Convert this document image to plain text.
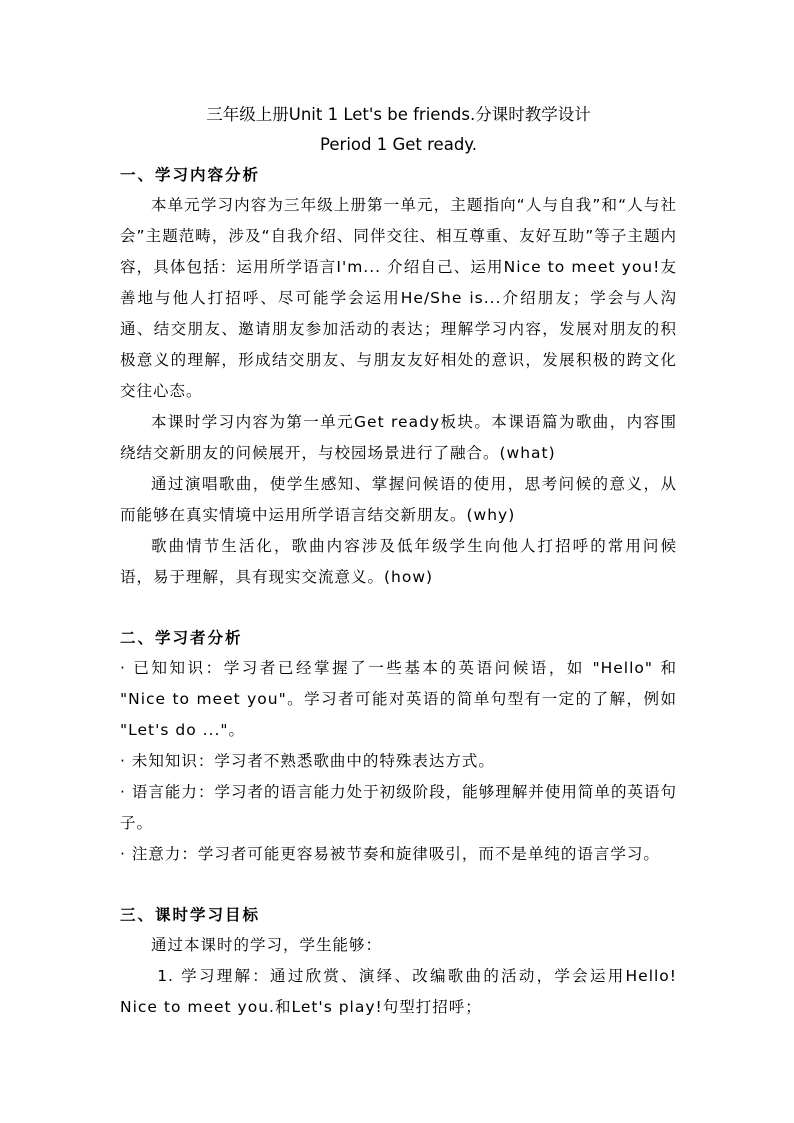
三年级上册Unit 1 Let's be friends.分课时教学设计

Period 1 Get ready.

一、学习内容分析

本单元学习内容为三年级上册第一单元，主题指向“人与自我”和“人与社会”主题范畴，涉及“自我介绍、同伴交往、相互尊重、友好互助”等子主题内容，具体包括：运用所学语言I'm... 介绍自己、运用Nice to meet you!友善地与他人打招呼、尽可能学会运用He/She is...介绍朋友；学会与人沟通、结交朋友、邀请朋友参加活动的表达；理解学习内容，发展对朋友的积极意义的理解，形成结交朋友、与朋友友好相处的意识，发展积极的跨文化交往心态。

本课时学习内容为第一单元Get ready板块。本课语篇为歌曲，内容围绕结交新朋友的问候展开，与校园场景进行了融合。(what)

通过演唱歌曲，使学生感知、掌握问候语的使用，思考问候的意义，从而能够在真实情境中运用所学语言结交新朋友。(why)

歌曲情节生活化，歌曲内容涉及低年级学生向他人打招呼的常用问候语，易于理解，具有现实交流意义。(how)

二、学习者分析

· 已知知识：学习者已经掌握了一些基本的英语问候语，如 "Hello" 和 "Nice to meet you"。学习者可能对英语的简单句型有一定的了解，例如 "Let's do ..."。

· 未知知识：学习者不熟悉歌曲中的特殊表达方式。

· 语言能力：学习者的语言能力处于初级阶段，能够理解并使用简单的英语句子。

· 注意力：学习者可能更容易被节奏和旋律吸引，而不是单纯的语言学习。

三、课时学习目标

通过本课时的学习，学生能够：

1. 学习理解：通过欣赏、演绎、改编歌曲的活动，学会运用Hello! Nice to meet you.和Let's play!句型打招呼；
